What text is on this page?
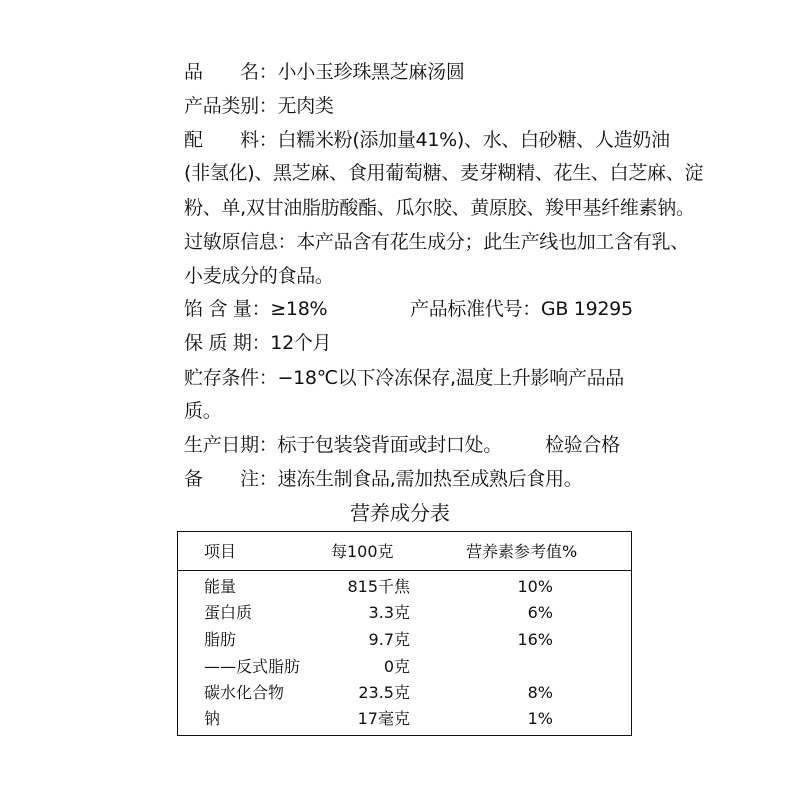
品　　名：小小玉珍珠黑芝麻汤圆
产品类别：无肉类
配　　料：白糯米粉(添加量41%)、水、白砂糖、人造奶油
(非氢化)、黑芝麻、食用葡萄糖、麦芽糊精、花生、白芝麻、淀
粉、单,双甘油脂肪酸酯、瓜尔胶、黄原胶、羧甲基纤维素钠。
过敏原信息：本产品含有花生成分；此生产线也加工含有乳、
小麦成分的食品。
馅 含 量：≥18%	产品标准代号：GB 19295
保 质 期：12个月
贮存条件：−18℃以下冷冻保存,温度上升影响产品品
质。
生产日期：标于包装袋背面或封口处。 检验合格
备　　注：速冻生制食品,需加热至成熟后食用。
营养成分表
项目	每100克	营养素参考值%
能量	815千焦	10%
蛋白质	3.3克	6%
脂肪	9.7克	16%
——反式脂肪	0克
碳水化合物	23.5克	8%
钠	17毫克	1%
